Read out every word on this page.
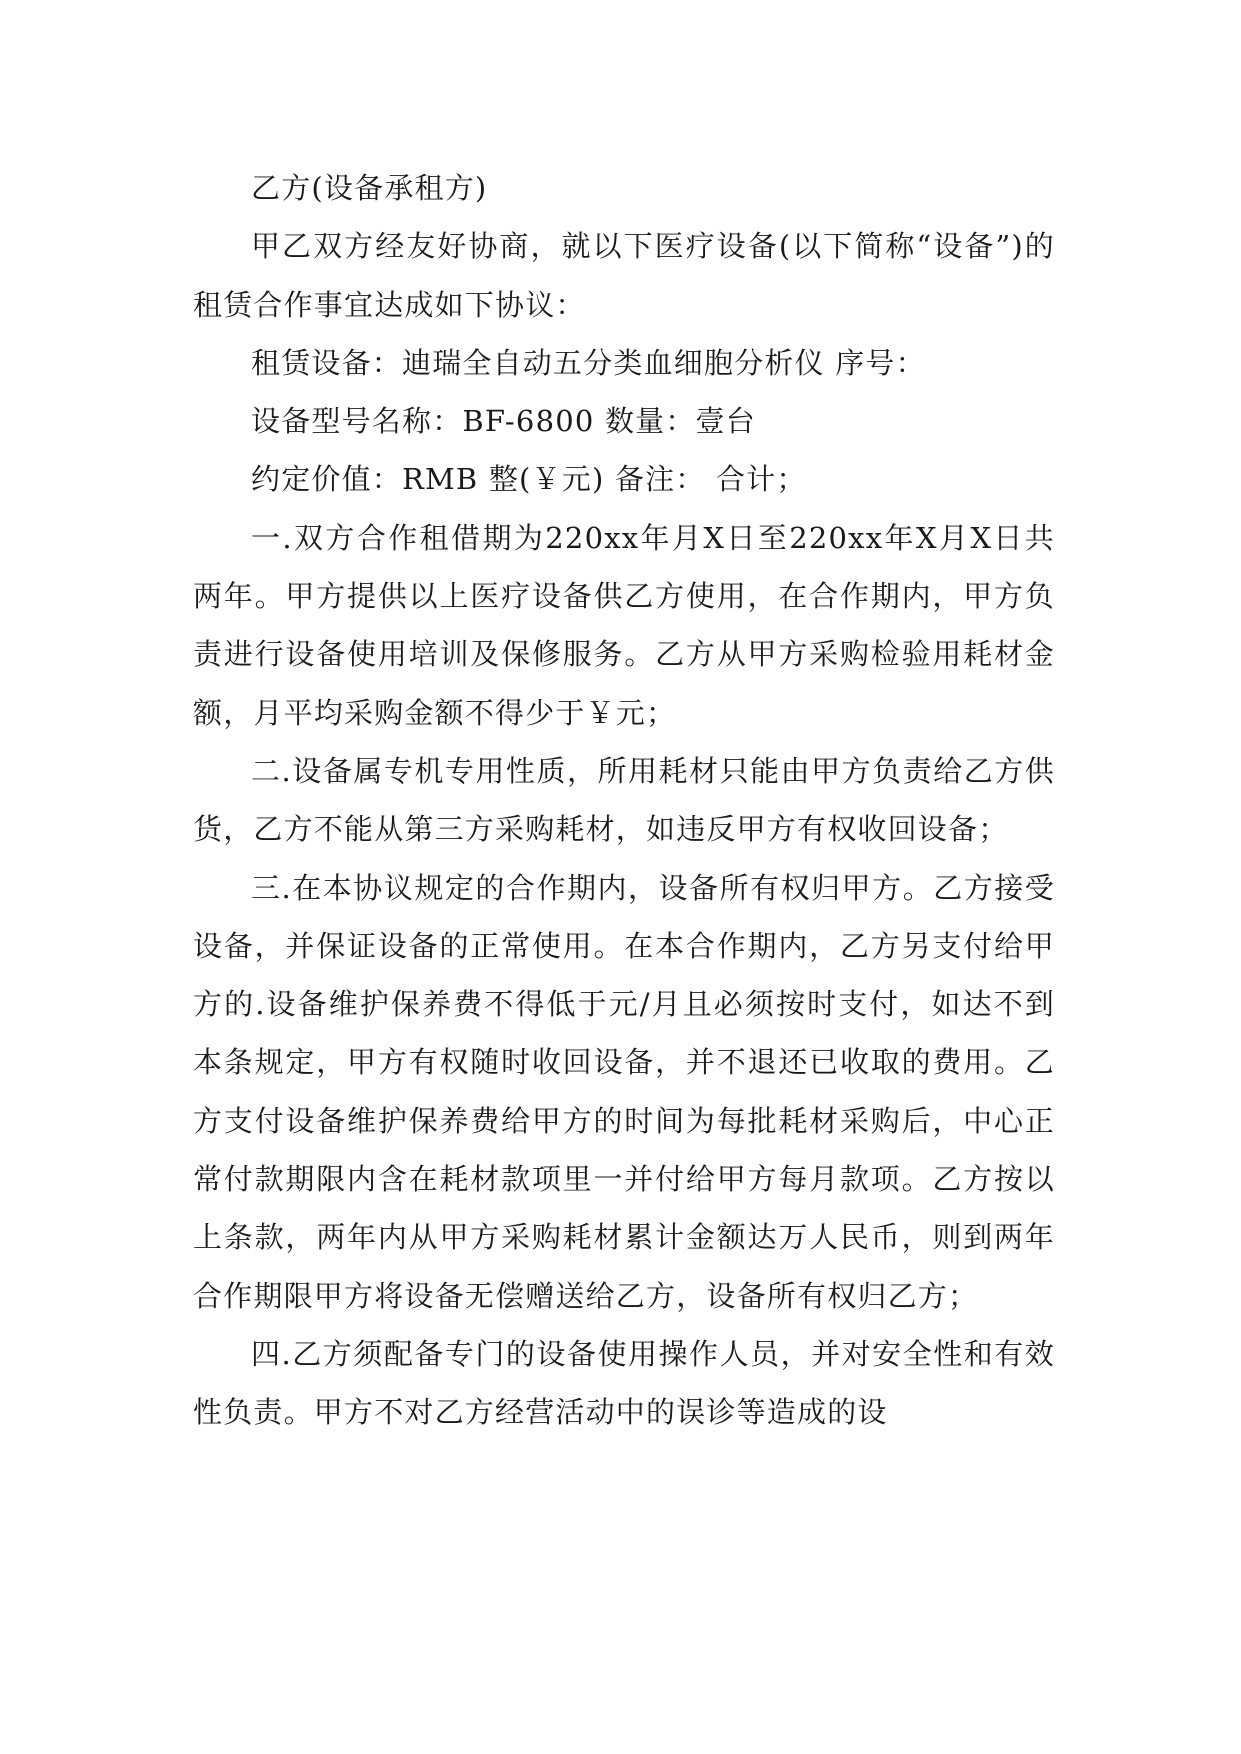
乙方(设备承租方)

甲乙双方经友好协商，就以下医疗设备(以下简称“设备”)的租赁合作事宜达成如下协议：

租赁设备：迪瑞全自动五分类血细胞分析仪 序号：

设备型号名称：BF-6800 数量：壹台

约定价值：RMB 整(￥元) 备注： 合计；

一.双方合作租借期为220xx年月X日至220xx年X月X日共两年。甲方提供以上医疗设备供乙方使用，在合作期内，甲方负责进行设备使用培训及保修服务。乙方从甲方采购检验用耗材金额，月平均采购金额不得少于￥元；

二.设备属专机专用性质，所用耗材只能由甲方负责给乙方供货，乙方不能从第三方采购耗材，如违反甲方有权收回设备；

三.在本协议规定的合作期内，设备所有权归甲方。乙方接受设备，并保证设备的正常使用。在本合作期内，乙方另支付给甲方的.设备维护保养费不得低于元/月且必须按时支付，如达不到本条规定，甲方有权随时收回设备，并不退还已收取的费用。乙方支付设备维护保养费给甲方的时间为每批耗材采购后，中心正常付款期限内含在耗材款项里一并付给甲方每月款项。乙方按以上条款，两年内从甲方采购耗材累计金额达万人民币，则到两年合作期限甲方将设备无偿赠送给乙方，设备所有权归乙方；

四.乙方须配备专门的设备使用操作人员，并对安全性和有效性负责。甲方不对乙方经营活动中的误诊等造成的设
